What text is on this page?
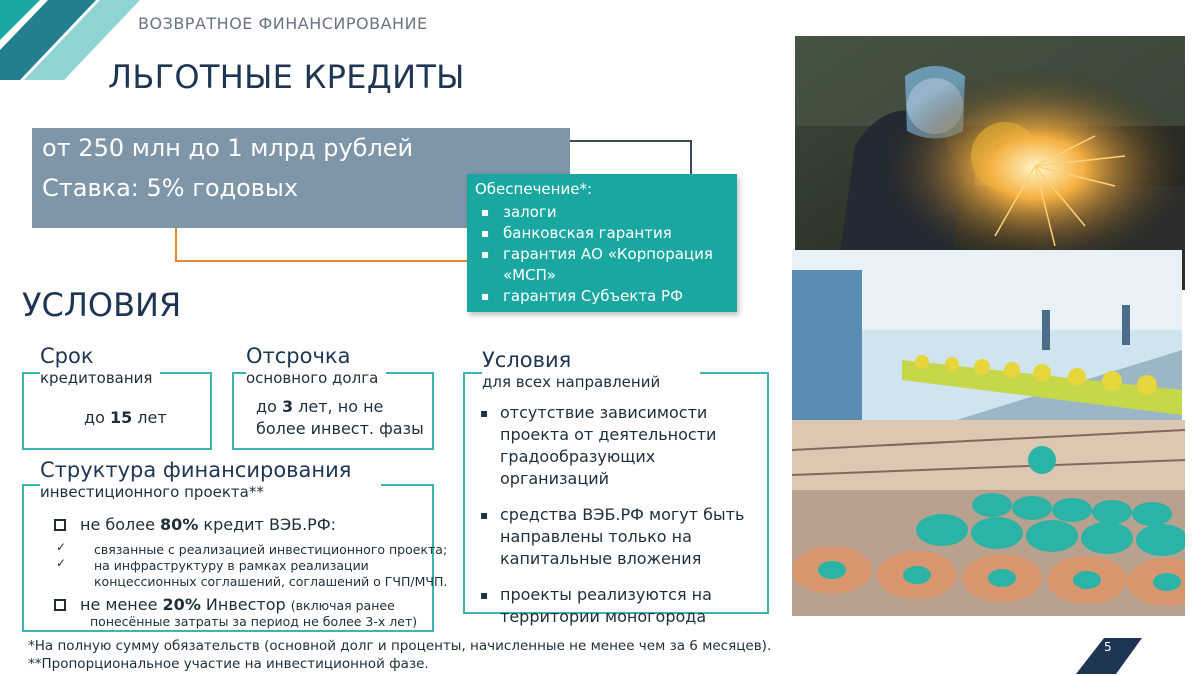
ВОЗВРАТНОЕ ФИНАНСИРОВАНИЕ
ЛЬГОТНЫЕ КРЕДИТЫ
от 250 млн до 1 млрд рублей
Ставка: 5% годовых	Обеспечение*:
▪ залоги
▪ банковская гарантия
▪ гарантия АО «Корпорация «МСП»
▪ гарантия Субъекта РФ
УСЛОВИЯ
Срок
кредитования
до 15 лет
Отсрочка
основного долга
до 3 лет, но не
более инвест. фазы
Структура финансирования
инвестиционного проекта**
не более 80% кредит ВЭБ.РФ:
✓
✓
связанные с реализацией инвестиционного проекта;
на инфраструктуру в рамках реализации
концессионных соглашений, соглашений о ГЧП/МЧП.
не менее 20% Инвестор (включая ранее
понесённые затраты за период не более 3-х лет)
Условия
для всех направлений
▪ отсутствие зависимости проекта от деятельности градообразующих организаций
▪ средства ВЭБ.РФ могут быть направлены только на капитальные вложения
▪ проекты реализуются на территории моногорода
*На полную сумму обязательств (основной долг и проценты, начисленные не менее чем за 6 месяцев).
**Пропорциональное участие на инвестиционной фазе.
5
